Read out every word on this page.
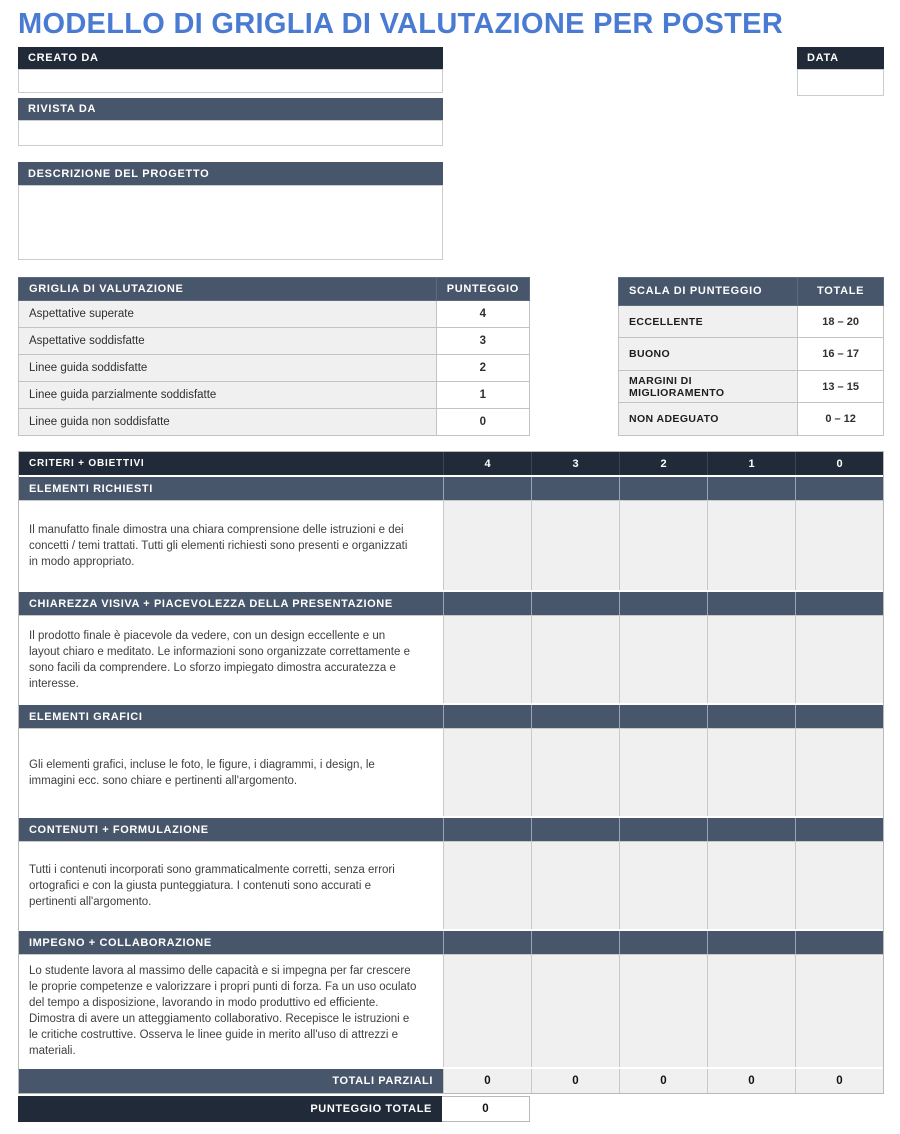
MODELLO DI GRIGLIA DI VALUTAZIONE PER POSTER
CREATO DA
RIVISTA DA
DESCRIZIONE DEL PROGETTO
DATA
GRIGLIA DI VALUTAZIONE	PUNTEGGIO
Aspettative superate	4
Aspettative soddisfatte	3
Linee guida soddisfatte	2
Linee guida parzialmente soddisfatte	1
Linee guida non soddisfatte	0
SCALA DI PUNTEGGIO	TOTALE
ECCELLENTE	18 – 20
BUONO	16 – 17
MARGINI DI MIGLIORAMENTO	13 – 15
NON ADEGUATO	0 – 12
CRITERI + OBIETTIVI	4	3	2	1	0
ELEMENTI RICHIESTI
Il manufatto finale dimostra una chiara comprensione delle istruzioni e dei concetti / temi trattati. Tutti gli elementi richiesti sono presenti e organizzati in modo appropriato.
CHIAREZZA VISIVA + PIACEVOLEZZA DELLA PRESENTAZIONE
Il prodotto finale è piacevole da vedere, con un design eccellente e un layout chiaro e meditato. Le informazioni sono organizzate correttamente e sono facili da comprendere. Lo sforzo impiegato dimostra accuratezza e interesse.
ELEMENTI GRAFICI
Gli elementi grafici, incluse le foto, le figure, i diagrammi, i design, le immagini ecc. sono chiare e pertinenti all'argomento.
CONTENUTI + FORMULAZIONE
Tutti i contenuti incorporati sono grammaticalmente corretti, senza errori ortografici e con la giusta punteggiatura. I contenuti sono accurati e pertinenti all'argomento.
IMPEGNO + COLLABORAZIONE
Lo studente lavora al massimo delle capacità e si impegna per far crescere le proprie competenze e valorizzare i propri punti di forza. Fa un uso oculato del tempo a disposizione, lavorando in modo produttivo ed efficiente. Dimostra di avere un atteggiamento collaborativo. Recepisce le istruzioni e le critiche costruttive. Osserva le linee guide in merito all'uso di attrezzi e materiali.
TOTALI PARZIALI	0	0	0	0	0
PUNTEGGIO TOTALE	0
